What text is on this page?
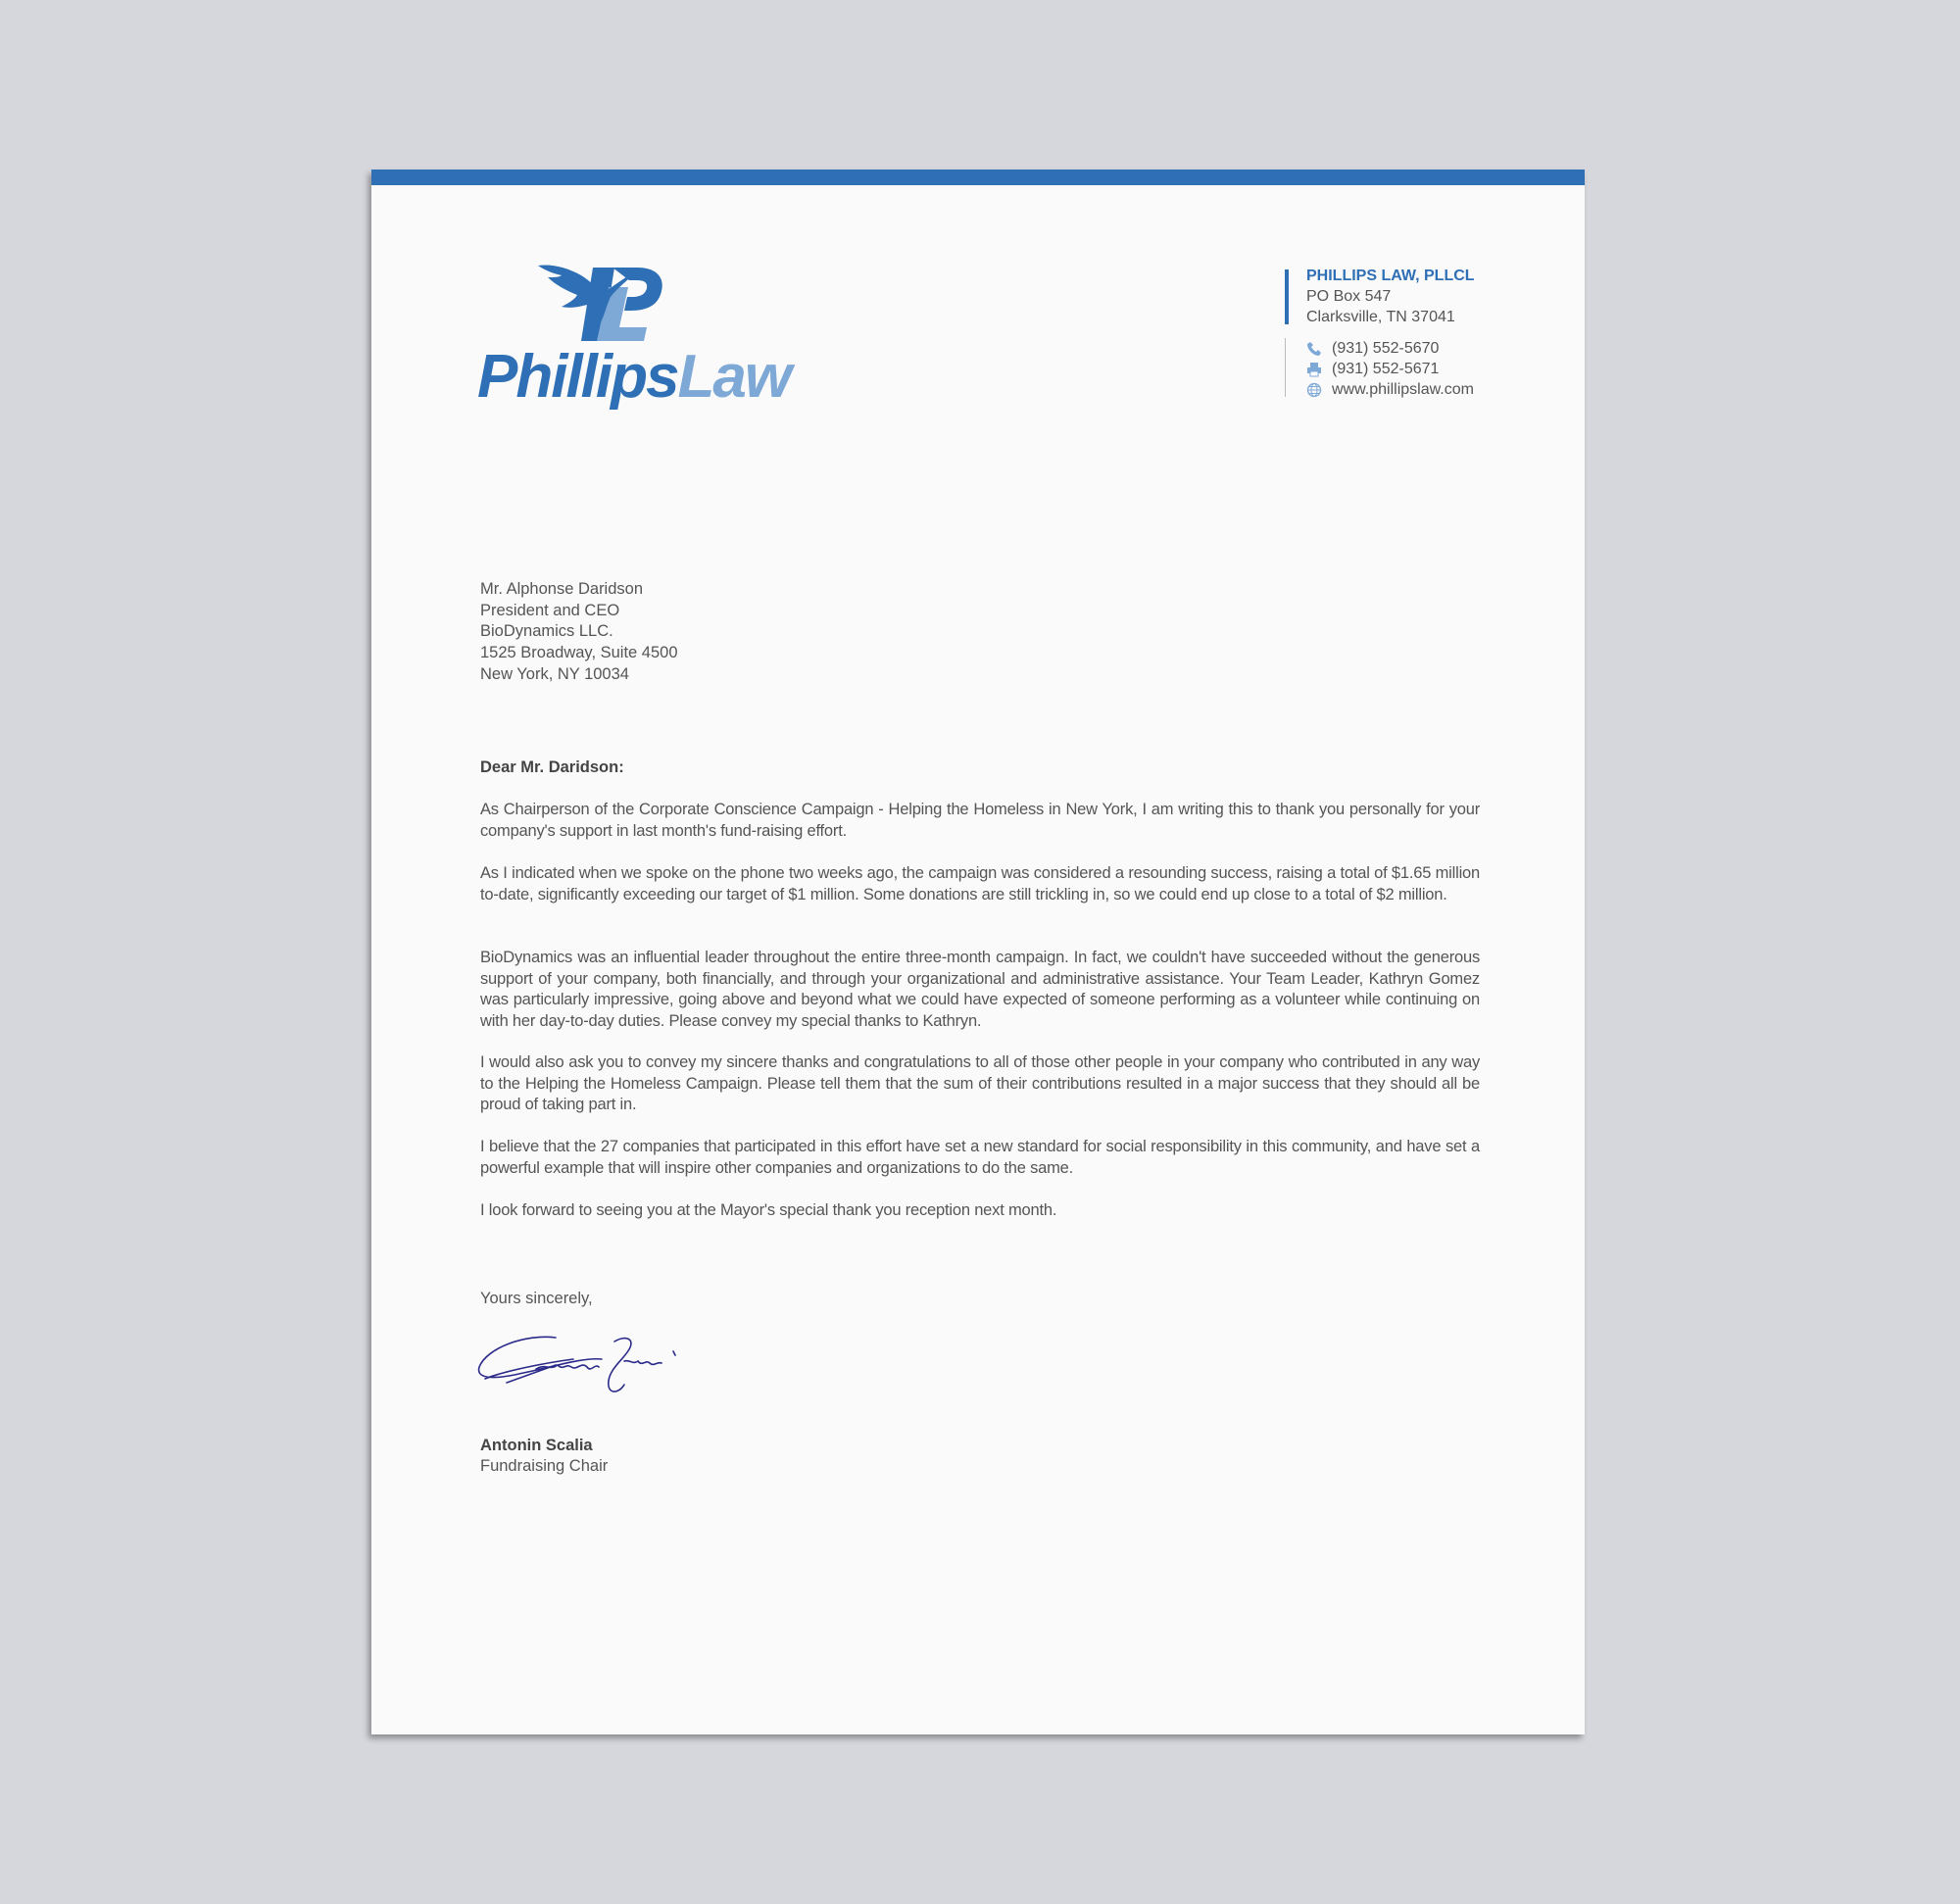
PhillipsLaw
PHILLIPS LAW, PLLCL
PO Box 547
Clarksville, TN 37041
(931) 552-5670
(931) 552-5671
www.phillipslaw.com
Mr. Alphonse Daridson
President and CEO
BioDynamics LLC.
1525 Broadway, Suite 4500
New York, NY 10034
Dear Mr. Daridson:

As Chairperson of the Corporate Conscience Campaign - Helping the Homeless in New York, I am writing this to thank you personally for your company's support in last month's fund-raising effort.

As I indicated when we spoke on the phone two weeks ago, the campaign was considered a resounding success, raising a total of $1.65 million to-date, significantly exceeding our target of $1 million. Some donations are still trickling in, so we could end up close to a total of $2 million.

BioDynamics was an influential leader throughout the entire three-month campaign. In fact, we couldn't have succeeded without the generous support of your company, both financially, and through your organizational and administrative assistance. Your Team Leader, Kathryn Gomez was particularly impressive, going above and beyond what we could have expected of someone performing as a volunteer while continuing on with her day-to-day duties. Please convey my special thanks to Kathryn.

I would also ask you to convey my sincere thanks and congratulations to all of those other people in your company who contributed in any way to the Helping the Homeless Campaign. Please tell them that the sum of their contributions resulted in a major success that they should all be proud of taking part in.

I believe that the 27 companies that participated in this effort have set a new standard for social responsibility in this community, and have set a powerful example that will inspire other companies and organizations to do the same.

I look forward to seeing you at the Mayor's special thank you reception next month.

Yours sincerely,
Antonin Scalia
Fundraising Chair
